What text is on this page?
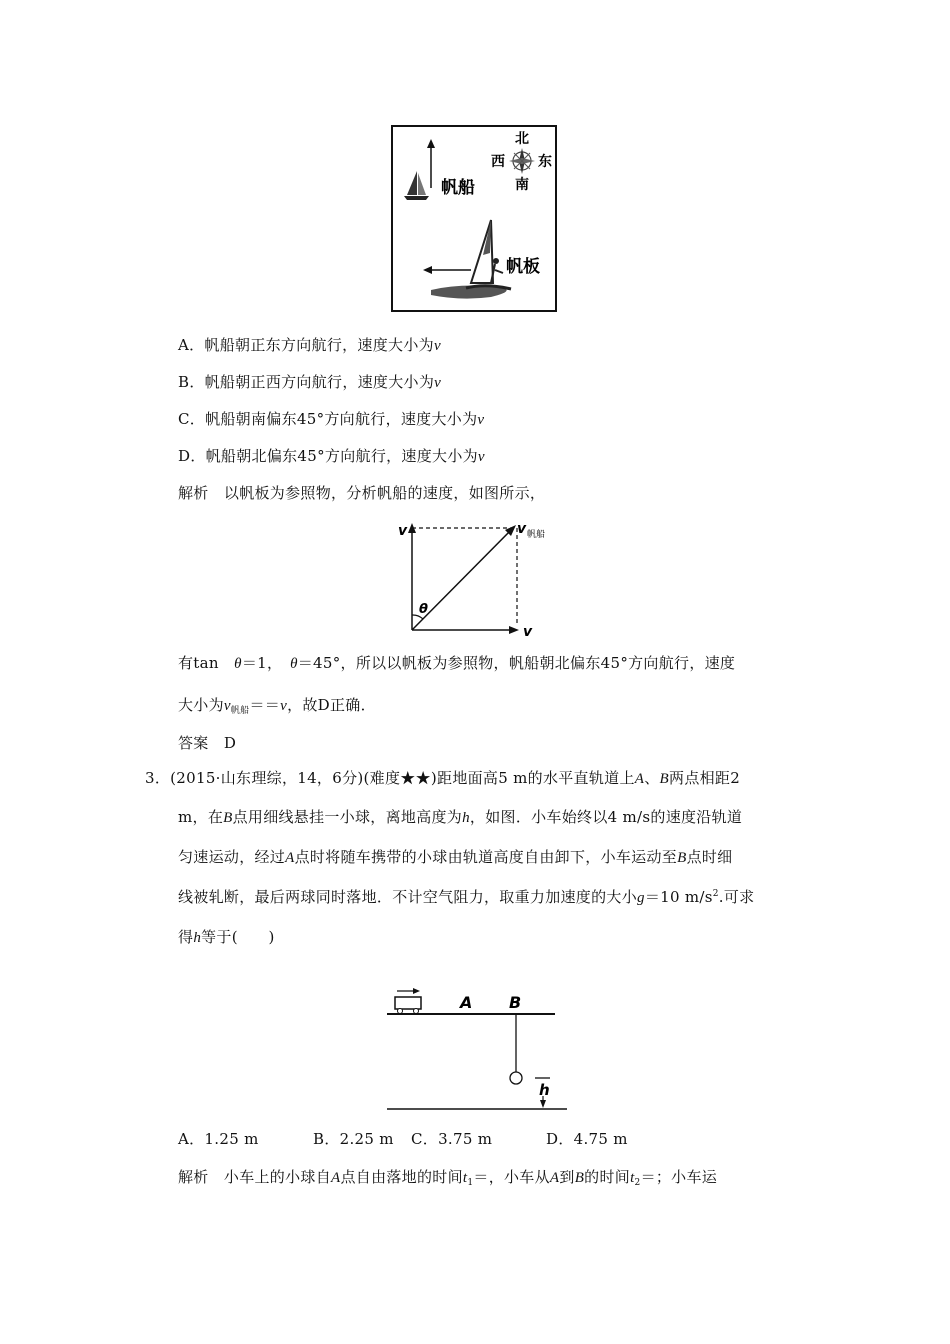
北
西 东
南
帆船
帆板
A．帆船朝正东方向航行，速度大小为v
B．帆船朝正西方向航行，速度大小为v
C．帆船朝南偏东45°方向航行，速度大小为v
D．帆船朝北偏东45°方向航行，速度大小为v
解析　以帆板为参照物，分析帆船的速度，如图所示，
v	v 帆船
v
θ
有tan　θ＝1，　 θ＝45°，所以以帆板为参照物，帆船朝北偏东45°方向航行，速度
大小为$v_{帆船}==v$，故D正确．
答案　D
3．(2015·山东理综，14，6分)(难度★★)距地面高5 m的水平直轨道上A、B两点相距2
m，在B点用细线悬挂一小球，离地高度为h，如图．小车始终以4 m/s的速度沿轨道
匀速运动，经过A点时将随车携带的小球由轨道高度自由卸下，小车运动至B点时细
线被轧断，最后两球同时落地．不计空气阻力，取重力加速度的大小g＝10 $m/s^2$.可求
得h等于(　　)
A B
h
A．1.25 m	B．2.25 m C．3.75 m	D．4.75 m
解析　小车上的小球自A点自由落地的时间$t_1=$，小车从A到B的时间$t_2=$；小车运
